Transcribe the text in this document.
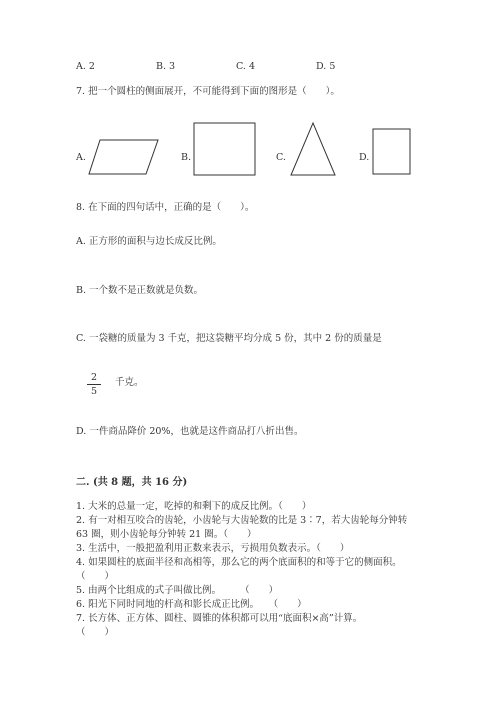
A. 2	B. 3	C. 4	D. 5
7. 把一个圆柱的侧面展开，不可能得到下面的图形是（　　）。
A.	B.	C.	D.
8. 在下面的四句话中，正确的是（　　）。
A. 正方形的面积与边长成反比例。
B. 一个数不是正数就是负数。
C. 一袋糖的质量为 3 千克，把这袋糖平均分成 5 份，其中 2 份的质量是
2
5
千克。
D. 一件商品降价 20%，也就是这件商品打八折出售。
二. (共 8 题，共 16 分)
1. 大米的总量一定，吃掉的和剩下的成反比例。（　　）
2. 有一对相互咬合的齿轮，小齿轮与大齿轮数的比是 3∶7，若大齿轮每分钟转
63 圈，则小齿轮每分钟转 21 圈。（　　）
3. 生活中，一般把盈利用正数来表示，亏损用负数表示。（　　）
4. 如果圆柱的底面半径和高相等，那么它的两个底面积的和等于它的侧面积。
（　　）
5. 由两个比组成的式子叫做比例。　　　（　　）
6. 阳光下同时同地的杆高和影长成正比例。　　（　　）
7. 长方体、正方体、圆柱、圆锥的体积都可以用“底面积×高”计算。
（　　）
